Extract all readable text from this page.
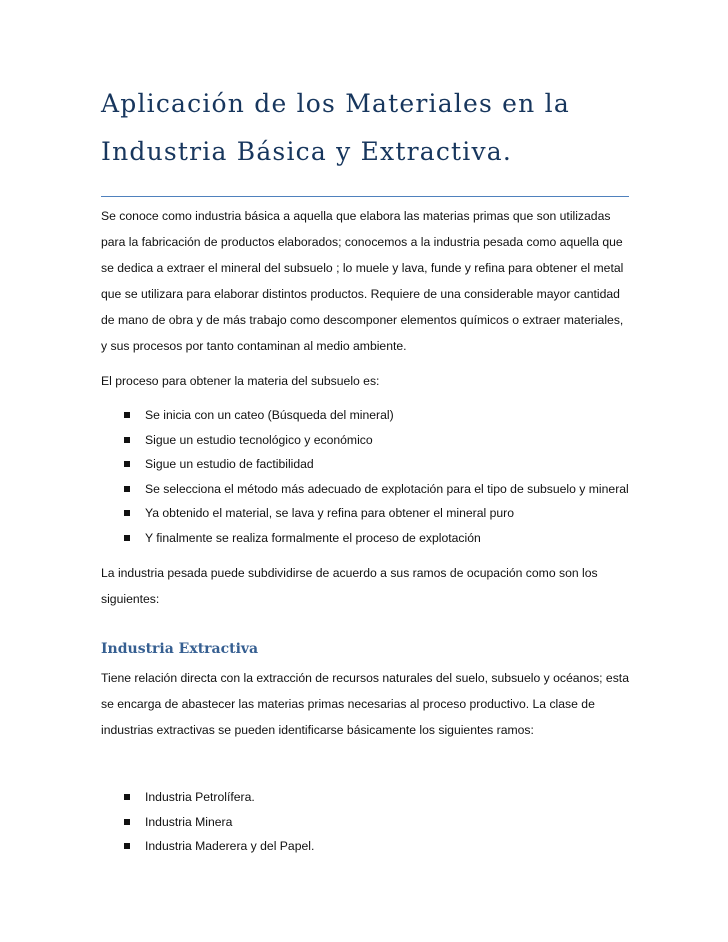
Aplicación de los Materiales en la
Industria Básica y Extractiva.

Se conoce como industria básica a aquella que elabora las materias primas que son utilizadas para la fabricación de productos elaborados; conocemos a la industria pesada como aquella que se dedica a extraer el mineral del subsuelo ; lo muele y lava, funde y refina para obtener el metal que se utilizara para elaborar distintos productos. Requiere de una considerable mayor cantidad de mano de obra y de más trabajo como descomponer elementos químicos o extraer materiales, y sus procesos por tanto contaminan al medio ambiente.

El proceso para obtener la materia del subsuelo es:

Se inicia con un cateo (Búsqueda del mineral)
Sigue un estudio tecnológico y económico
Sigue un estudio de factibilidad
Se selecciona el método más adecuado de explotación para el tipo de subsuelo y mineral
Ya obtenido el material, se lava y refina para obtener el mineral puro
Y finalmente se realiza formalmente el proceso de explotación

La industria pesada puede subdividirse de acuerdo a sus ramos de ocupación como son los siguientes:

Industria Extractiva

Tiene relación directa con la extracción de recursos naturales del suelo, subsuelo y océanos; esta se encarga de abastecer las materias primas necesarias al proceso productivo. La clase de industrias extractivas se pueden identificarse básicamente los siguientes ramos:

Industria Petrolífera.
Industria Minera
Industria Maderera y del Papel.
